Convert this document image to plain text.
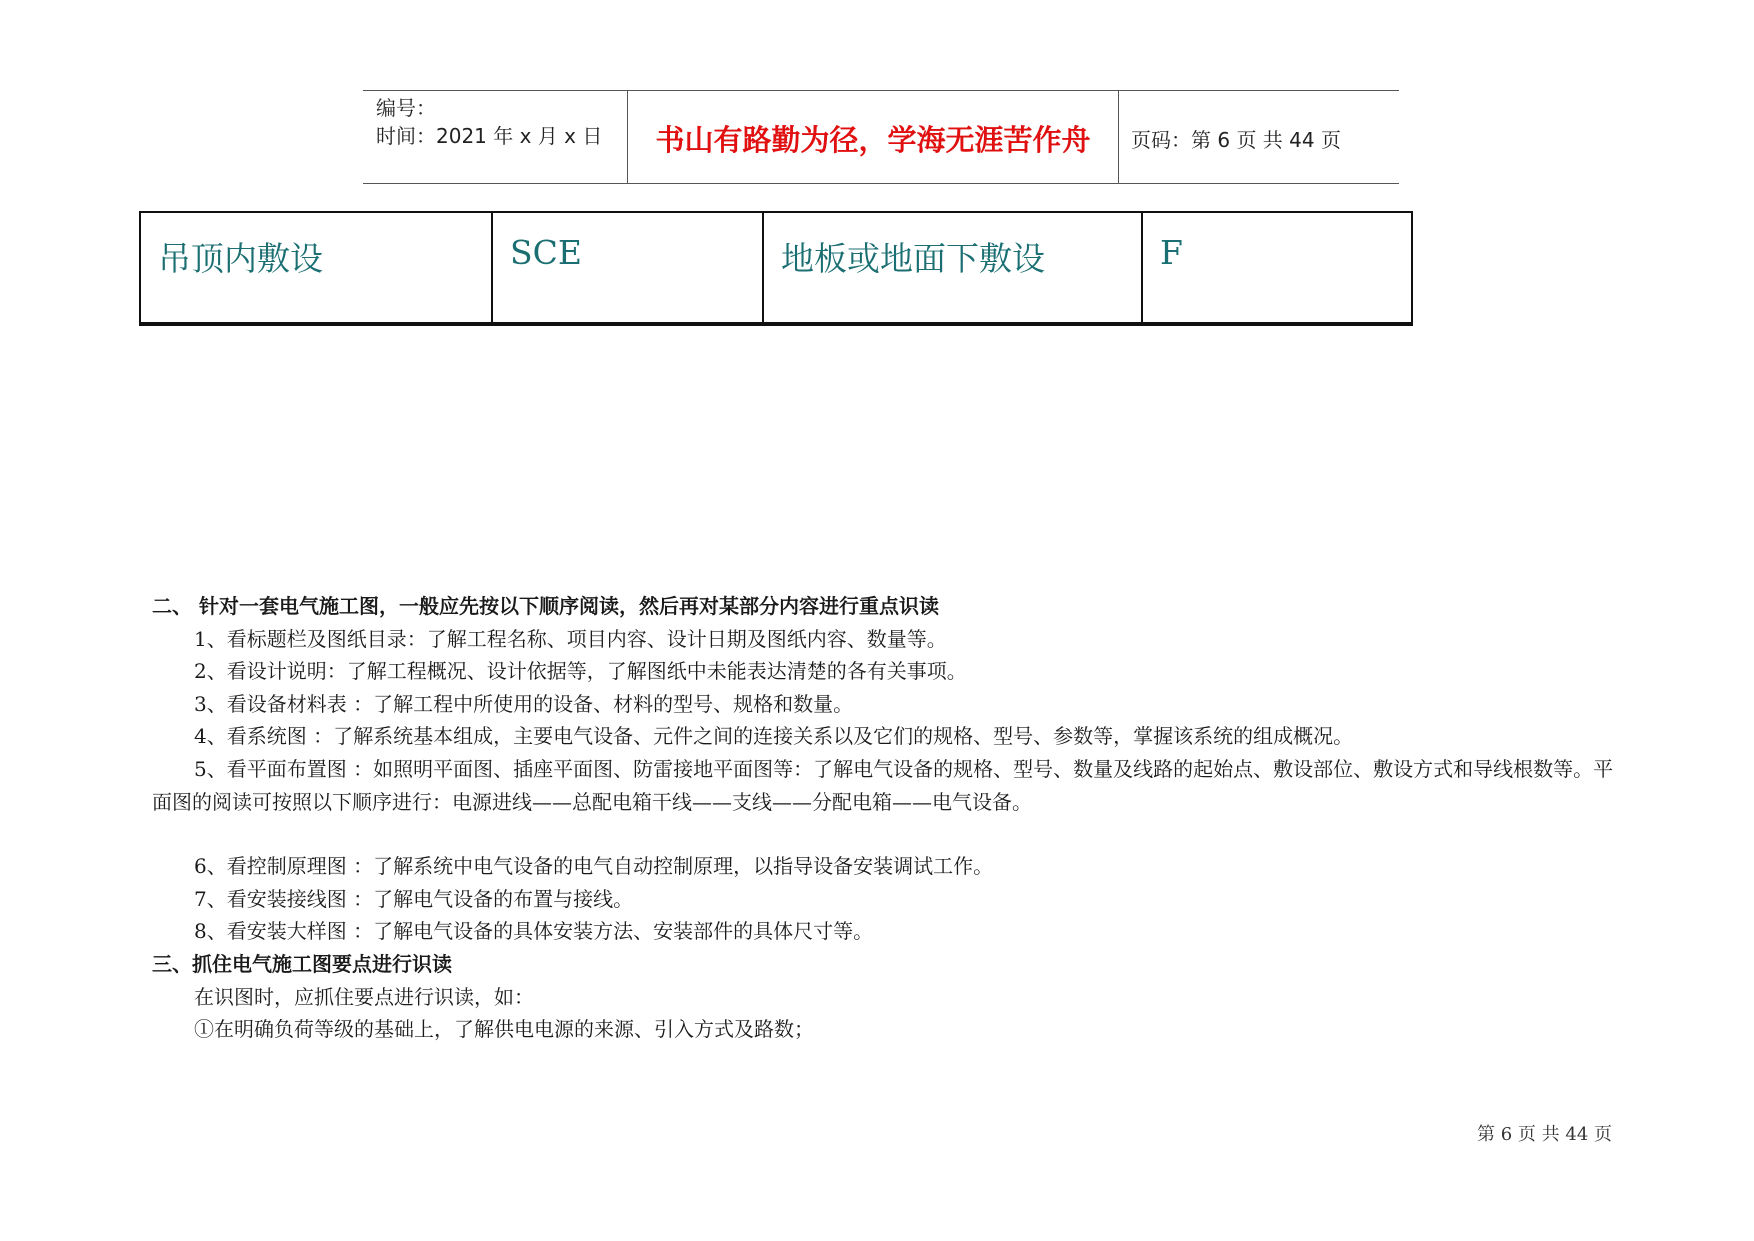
编号：
时间：2021 年 x 月 x 日	书山有路勤为径，学海无涯苦作舟	页码：第 6 页 共 44 页
吊顶内敷设	SCE	地板或地面下敷设	F

二、 针对一套电气施工图，一般应先按以下顺序阅读，然后再对某部分内容进行重点识读

1、看标题栏及图纸目录：了解工程名称、项目内容、设计日期及图纸内容、数量等。

2、看设计说明：了解工程概况、设计依据等，了解图纸中未能表达清楚的各有关事项。

3、看设备材料表 ：了解工程中所使用的设备、材料的型号、规格和数量。

4、看系统图 ：了解系统基本组成，主要电气设备、元件之间的连接关系以及它们的规格、型号、参数等，掌握该系统的组成概况。

5、看平面布置图 ：如照明平面图、插座平面图、防雷接地平面图等：了解电气设备的规格、型号、数量及线路的起始点、敷设部位、敷设方式和导线根数等。平面图的阅读可按照以下顺序进行：电源进线——总配电箱干线——支线——分配电箱——电气设备。

6、看控制原理图 ：了解系统中电气设备的电气自动控制原理，以指导设备安装调试工作。

7、看安装接线图 ：了解电气设备的布置与接线。

8、看安装大样图 ：了解电气设备的具体安装方法、安装部件的具体尺寸等。

三、抓住电气施工图要点进行识读

在识图时，应抓住要点进行识读，如：

①在明确负荷等级的基础上，了解供电电源的来源、引入方式及路数；

第 6 页 共 44 页
